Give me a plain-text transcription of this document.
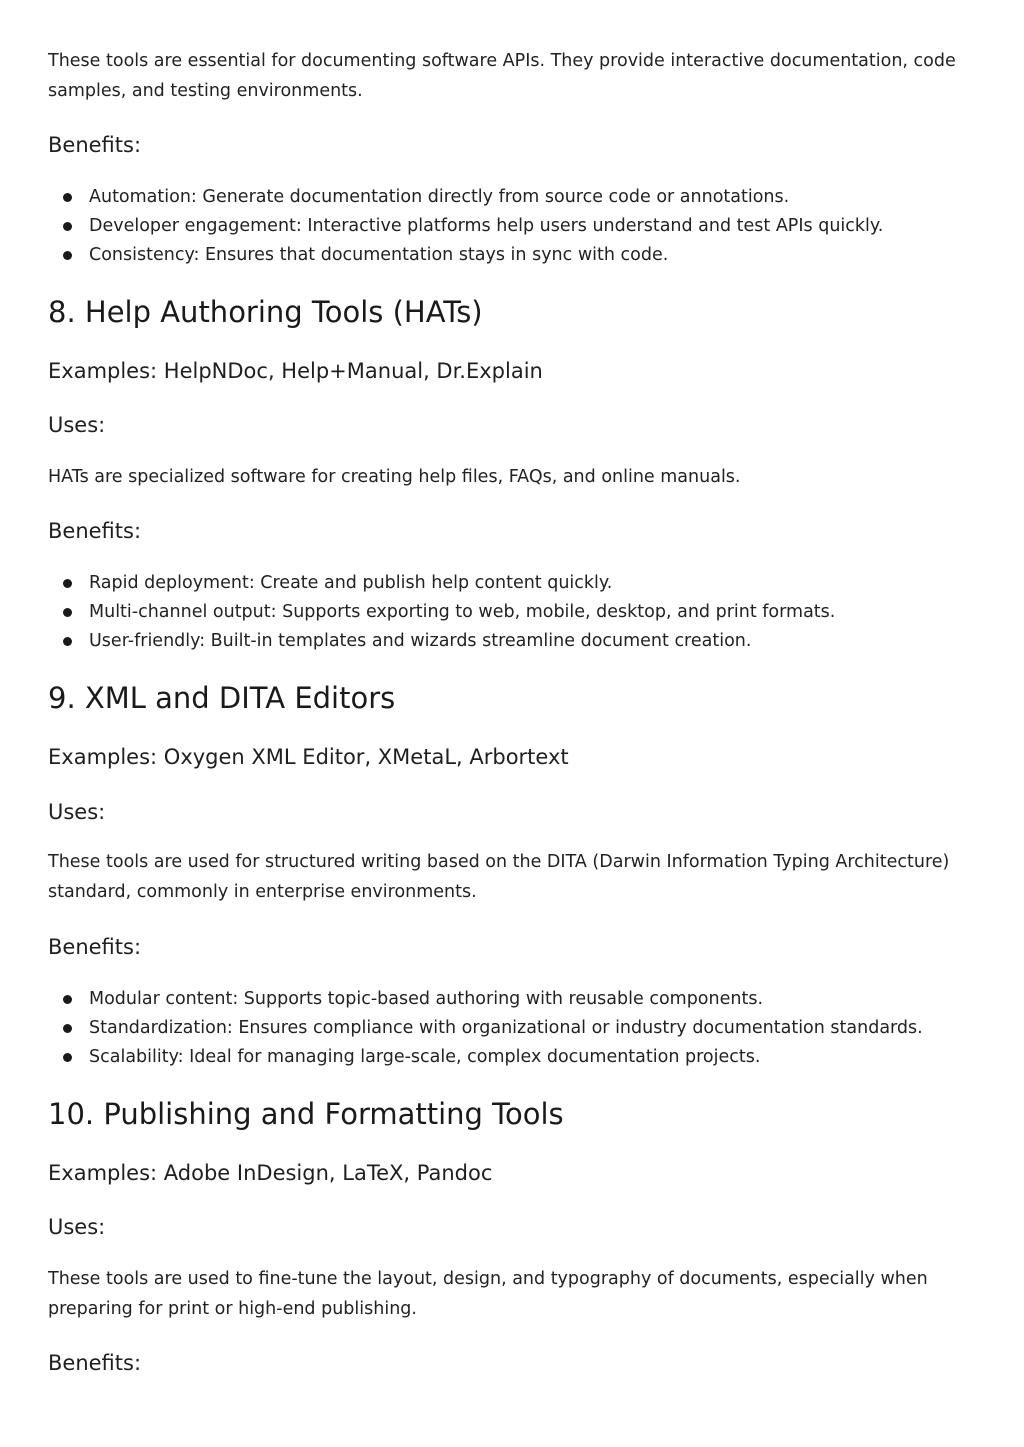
These tools are essential for documenting software APIs. They provide interactive documentation, code samples, and testing environments.

Benefits:

Automation: Generate documentation directly from source code or annotations.
Developer engagement: Interactive platforms help users understand and test APIs quickly.
Consistency: Ensures that documentation stays in sync with code.
8. Help Authoring Tools (HATs)

Examples: HelpNDoc, Help+Manual, Dr.Explain

Uses:

HATs are specialized software for creating help files, FAQs, and online manuals.

Benefits:

Rapid deployment: Create and publish help content quickly.
Multi-channel output: Supports exporting to web, mobile, desktop, and print formats.
User-friendly: Built-in templates and wizards streamline document creation.
9. XML and DITA Editors

Examples: Oxygen XML Editor, XMetaL, Arbortext

Uses:

These tools are used for structured writing based on the DITA (Darwin Information Typing Architecture) standard, commonly in enterprise environments.

Benefits:

Modular content: Supports topic-based authoring with reusable components.
Standardization: Ensures compliance with organizational or industry documentation standards.
Scalability: Ideal for managing large-scale, complex documentation projects.
10. Publishing and Formatting Tools

Examples: Adobe InDesign, LaTeX, Pandoc

Uses:

These tools are used to fine-tune the layout, design, and typography of documents, especially when preparing for print or high-end publishing.

Benefits:
